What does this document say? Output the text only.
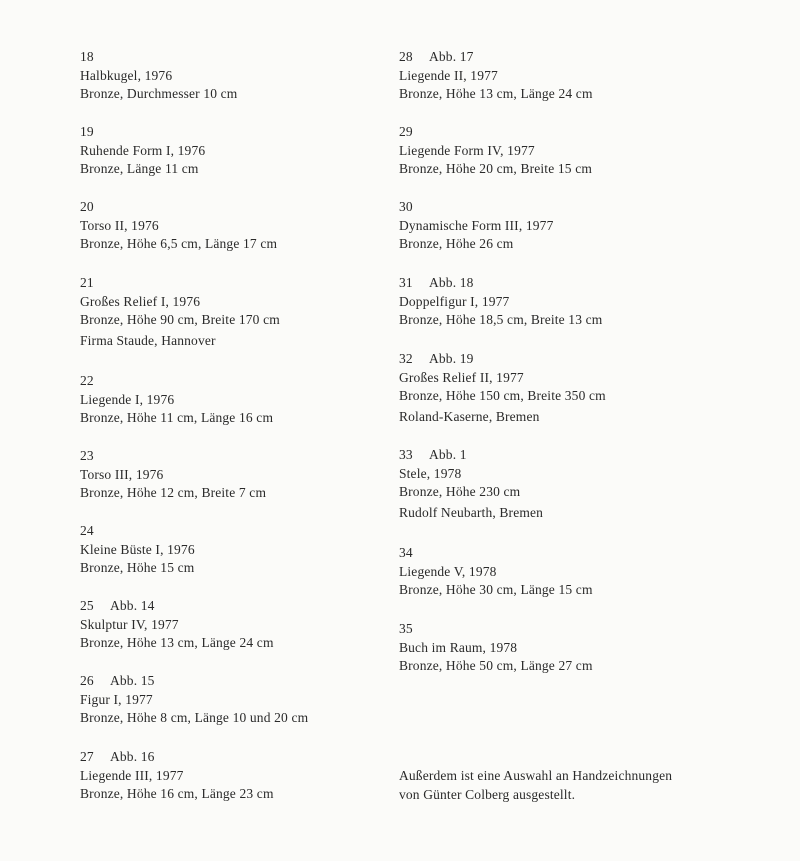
18
Halbkugel, 1976
Bronze, Durchmesser 10 cm
19
Ruhende Form I, 1976
Bronze, Länge 11 cm
20
Torso II, 1976
Bronze, Höhe 6,5 cm, Länge 17 cm
21
Großes Relief I, 1976
Bronze, Höhe 90 cm, Breite 170 cm
Firma Staude, Hannover
22
Liegende I, 1976
Bronze, Höhe 11 cm, Länge 16 cm
23
Torso III, 1976
Bronze, Höhe 12 cm, Breite 7 cm
24
Kleine Büste I, 1976
Bronze, Höhe 15 cm
25 Abb. 14
Skulptur IV, 1977
Bronze, Höhe 13 cm, Länge 24 cm
26 Abb. 15
Figur I, 1977
Bronze, Höhe 8 cm, Länge 10 und 20 cm
27 Abb. 16
Liegende III, 1977
Bronze, Höhe 16 cm, Länge 23 cm
28 Abb. 17
Liegende II, 1977
Bronze, Höhe 13 cm, Länge 24 cm
29
Liegende Form IV, 1977
Bronze, Höhe 20 cm, Breite 15 cm
30
Dynamische Form III, 1977
Bronze, Höhe 26 cm
31 Abb. 18
Doppelfigur I, 1977
Bronze, Höhe 18,5 cm, Breite 13 cm
32 Abb. 19
Großes Relief II, 1977
Bronze, Höhe 150 cm, Breite 350 cm
Roland-Kaserne, Bremen
33 Abb. 1
Stele, 1978
Bronze, Höhe 230 cm
Rudolf Neubarth, Bremen
34
Liegende V, 1978
Bronze, Höhe 30 cm, Länge 15 cm
35
Buch im Raum, 1978
Bronze, Höhe 50 cm, Länge 27 cm
Außerdem ist eine Auswahl an Handzeichnungen
von Günter Colberg ausgestellt.
